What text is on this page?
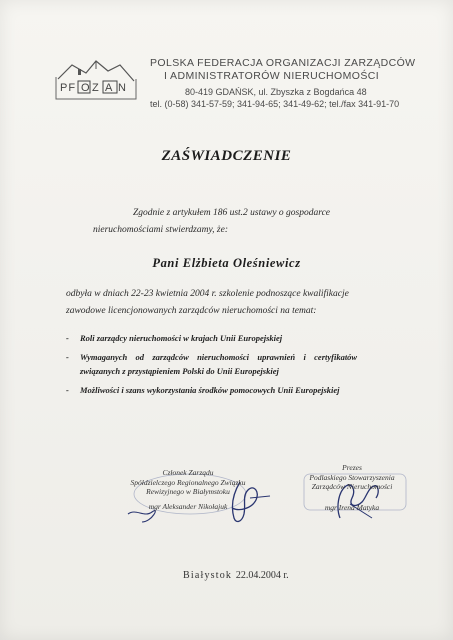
PF O Z A N
POLSKA FEDERACJA ORGANIZACJI ZARZĄDCÓW
I ADMINISTRATORÓW NIERUCHOMOŚCI
80-419 GDAŃSK, ul. Zbyszka z Bogdańca 48
tel. (0-58) 341-57-59; 341-94-65; 341-49-62; tel./fax 341-91-70
ZAŚWIADCZENIE
Zgodnie z artykułem 186 ust.2 ustawy o gospodarce
nieruchomościami stwierdzamy, że:
Pani Elżbieta Oleśniewicz
odbyła w dniach 22-23 kwietnia 2004 r. szkolenie podnoszące kwalifikacje
zawodowe licencjonowanych zarządców nieruchomości na temat:
- Roli zarządcy nieruchomości w krajach Unii Europejskiej
- Wymaganych od zarządców nieruchomości uprawnień i certyfikatów
związanych z przystąpieniem Polski do Unii Europejskiej
- Możliwości i szans wykorzystania środków pomocowych Unii Europejskiej
Członek Zarządu
Spółdzielczego Regionalnego Związku
Rewizyjnego w Białymstoku
mgr Aleksander Nikołajuk
Prezes
Podlaskiego Stowarzyszenia
Zarządców Nieruchomości
mgr Irena Matyka
Białystok 22.04.2004 r.
